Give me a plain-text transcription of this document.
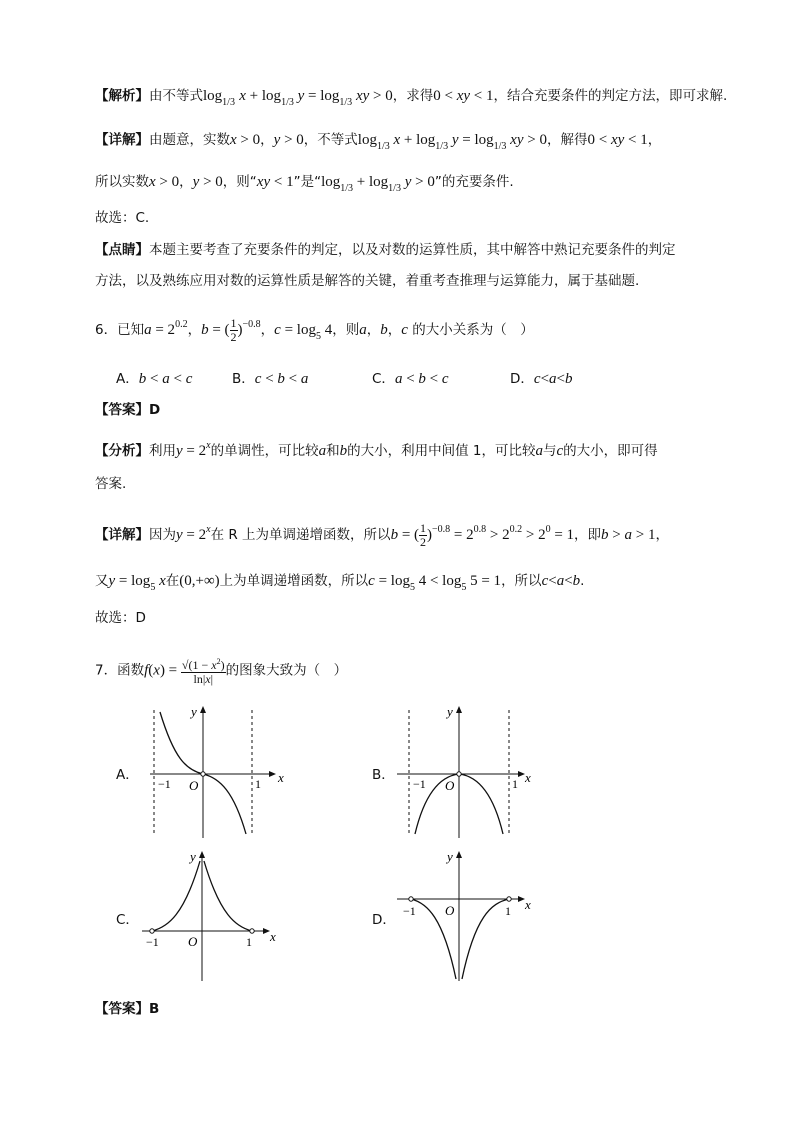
【解析】由不等式$\log_{1/3} x + \log_{1/3} y = \log_{1/3}$ xy > 0，求得0 < xy < 1，结合充要条件的判定方法，即可求解.
【详解】由题意，实数x > 0，y > 0，不等式$\log_{1/3} x + \log_{1/3} y = \log_{1/3}$ xy > 0，解得0 < xy < 1，
所以实数x > 0，y > 0，则“xy < 1”是“$\log_{1/3} + \log_{1/3} y > 0$”的充要条件.
故选：C.
【点睛】本题主要考查了充要条件的判定，以及对数的运算性质，其中解答中熟记充要条件的判定
方法，以及熟练应用对数的运算性质是解答的关键，着重考查推理与运算能力，属于基础题.
6．已知$a = 2^{0.2}$，b = ( $\frac{1}{2} )^{-0.8}$，$c = \log_5 4$，则a，b，c 的大小关系为（　）
A．b < a < c	B．c < b < a	C．a < b < c	D．c<a<b
【答案】D
【分析】利用$y = 2^x$的单调性，可比较a和b的大小，利用中间值 1，可比较a与c的大小，即可得
答案.
【详解】因为$y = 2^x$在 R 上为单调递增函数，所以b = ( $\frac{1}{2} )^{-0.8} = 2^{0.8} > 2^{0.2} > 2^0 = 1$，即b > a > 1，
又$y = \log_5 x$在(0,+∞)上为单调递增函数，所以$c = \log_5 4 < \log_5 5 = 1$，所以c<a<b.
故选：D
7．函数$f(x) = \frac{√(1 - x^2)}{\ln|x|}$ 的图象大致为（　）
A．	B．
C．	D．
x
y
O
−1	1	x
y
O
−1	1
x
y
O
−1	1
x
y
O
−1	1
【答案】B
